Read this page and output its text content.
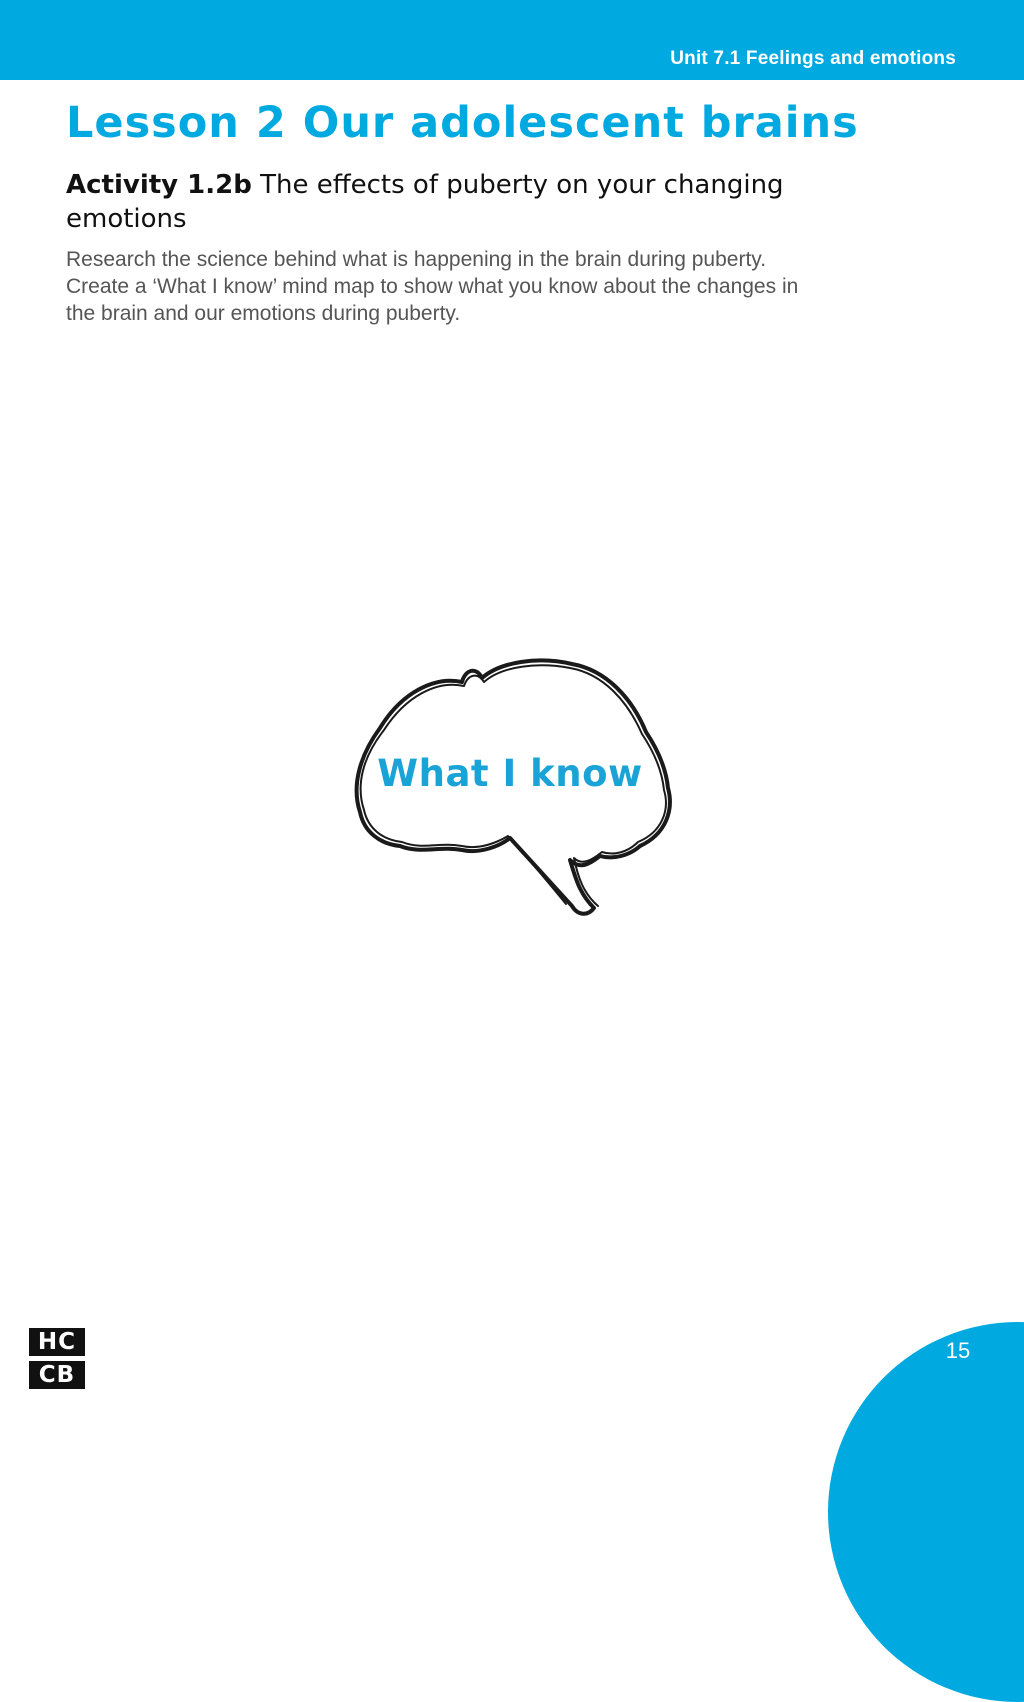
Unit 7.1 Feelings and emotions
Lesson 2 Our adolescent brains
Activity 1.2b The effects of puberty on your changing emotions

Research the science behind what is happening in the brain during puberty. Create a ‘What I know’ mind map to show what you know about the changes in the brain and our emotions during puberty.

What I know
HC
CB
15
